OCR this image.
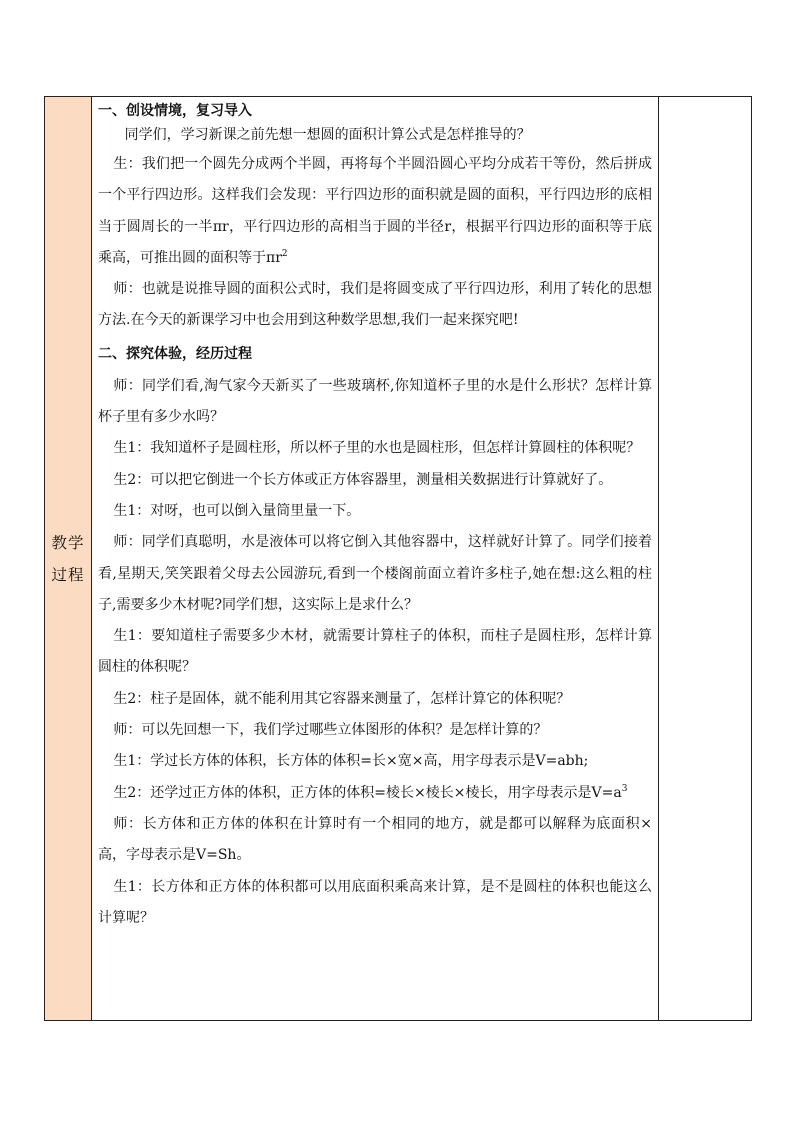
教学
过程

一、创设情境，复习导入

同学们，学习新课之前先想一想圆的面积计算公式是怎样推导的？

生：我们把一个圆先分成两个半圆，再将每个半圆沿圆心平均分成若干等份，然后拼成一个平行四边形。这样我们会发现：平行四边形的面积就是圆的面积，平行四边形的底相当于圆周长的一半πr，平行四边形的高相当于圆的半径r，根据平行四边形的面积等于底乘高，可推出圆的面积等于$\pi r^2$

师：也就是说推导圆的面积公式时，我们是将圆变成了平行四边形，利用了转化的思想方法.在今天的新课学习中也会用到这种数学思想,我们一起来探究吧!

二、探究体验，经历过程

师：同学们看,淘气家今天新买了一些玻璃杯,你知道杯子里的水是什么形状？怎样计算杯子里有多少水吗？

生1：我知道杯子是圆柱形，所以杯子里的水也是圆柱形，但怎样计算圆柱的体积呢？

生2：可以把它倒进一个长方体或正方体容器里，测量相关数据进行计算就好了。

生1：对呀，也可以倒入量筒里量一下。

师：同学们真聪明，水是液体可以将它倒入其他容器中，这样就好计算了。同学们接着看,星期天,笑笑跟着父母去公园游玩,看到一个楼阁前面立着许多柱子,她在想:这么粗的柱子,需要多少木材呢?同学们想，这实际上是求什么？

生1：要知道柱子需要多少木材，就需要计算柱子的体积，而柱子是圆柱形，怎样计算圆柱的体积呢？

生2：柱子是固体，就不能利用其它容器来测量了，怎样计算它的体积呢？

师：可以先回想一下，我们学过哪些立体图形的体积？是怎样计算的？

生1：学过长方体的体积，长方体的体积=长×宽×高，用字母表示是V=abh;

生2：还学过正方体的体积，正方体的体积=棱长×棱长×棱长，用字母表示是$V=a^3$

师：长方体和正方体的体积在计算时有一个相同的地方，就是都可以解释为底面积×高，字母表示是V=Sh。

生1：长方体和正方体的体积都可以用底面积乘高来计算，是不是圆柱的体积也能这么计算呢？
